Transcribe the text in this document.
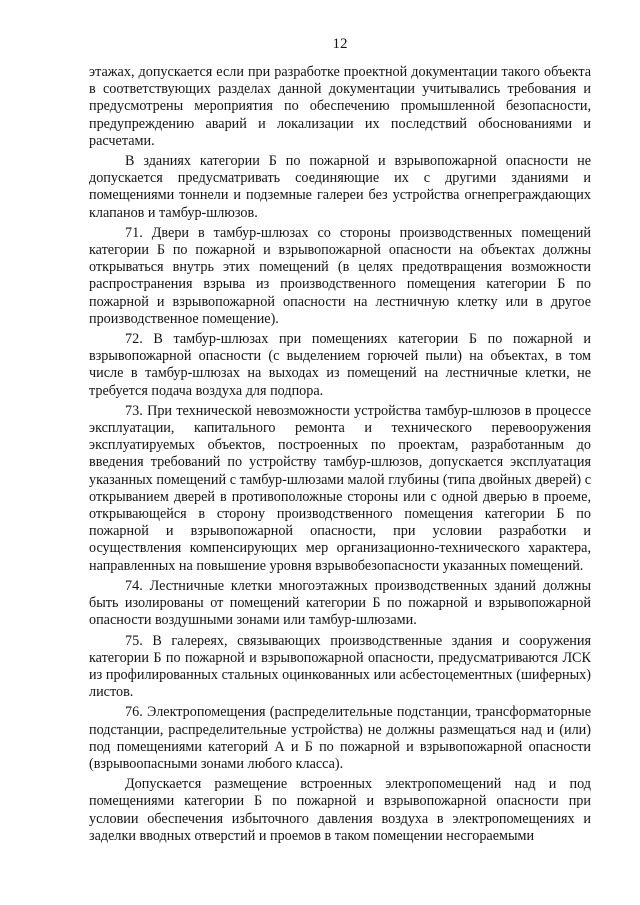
12

этажах, допускается если при разработке проектной документации такого объекта в соответствующих разделах данной документации учитывались требования и предусмотрены мероприятия по обеспечению промышленной безопасности, предупреждению аварий и локализации их последствий обоснованиями и расчетами.

В зданиях категории Б по пожарной и взрывопожарной опасности не допускается предусматривать соединяющие их с другими зданиями и помещениями тоннели и подземные галереи без устройства огнепреграждающих клапанов и тамбур-шлюзов.

71. Двери в тамбур-шлюзах со стороны производственных помещений категории Б по пожарной и взрывопожарной опасности на объектах должны открываться внутрь этих помещений (в целях предотвращения возможности распространения взрыва из производственного помещения категории Б по пожарной и взрывопожарной опасности на лестничную клетку или в другое производственное помещение).

72. В тамбур-шлюзах при помещениях категории Б по пожарной и взрывопожарной опасности (с выделением горючей пыли) на объектах, в том числе в тамбур-шлюзах на выходах из помещений на лестничные клетки, не требуется подача воздуха для подпора.

73. При технической невозможности устройства тамбур-шлюзов в процессе эксплуатации, капитального ремонта и технического перевооружения эксплуатируемых объектов, построенных по проектам, разработанным до введения требований по устройству тамбур-шлюзов, допускается эксплуатация указанных помещений с тамбур-шлюзами малой глубины (типа двойных дверей) с открыванием дверей в противоположные стороны или с одной дверью в проеме, открывающейся в сторону производственного помещения категории Б по пожарной и взрывопожарной опасности, при условии разработки и осуществления компенсирующих мер организационно-технического характера, направленных на повышение уровня взрывобезопасности указанных помещений.

74. Лестничные клетки многоэтажных производственных зданий должны быть изолированы от помещений категории Б по пожарной и взрывопожарной опасности воздушными зонами или тамбур-шлюзами.

75. В галереях, связывающих производственные здания и сооружения категории Б по пожарной и взрывопожарной опасности, предусматриваются ЛСК из профилированных стальных оцинкованных или асбестоцементных (шиферных) листов.

76. Электропомещения (распределительные подстанции, трансформаторные подстанции, распределительные устройства) не должны размещаться над и (или) под помещениями категорий А и Б по пожарной и взрывопожарной опасности (взрывоопасными зонами любого класса).

Допускается размещение встроенных электропомещений над и под помещениями категории Б по пожарной и взрывопожарной опасности при условии обеспечения избыточного давления воздуха в электропомещениях и заделки вводных отверстий и проемов в таком помещении несгораемыми
